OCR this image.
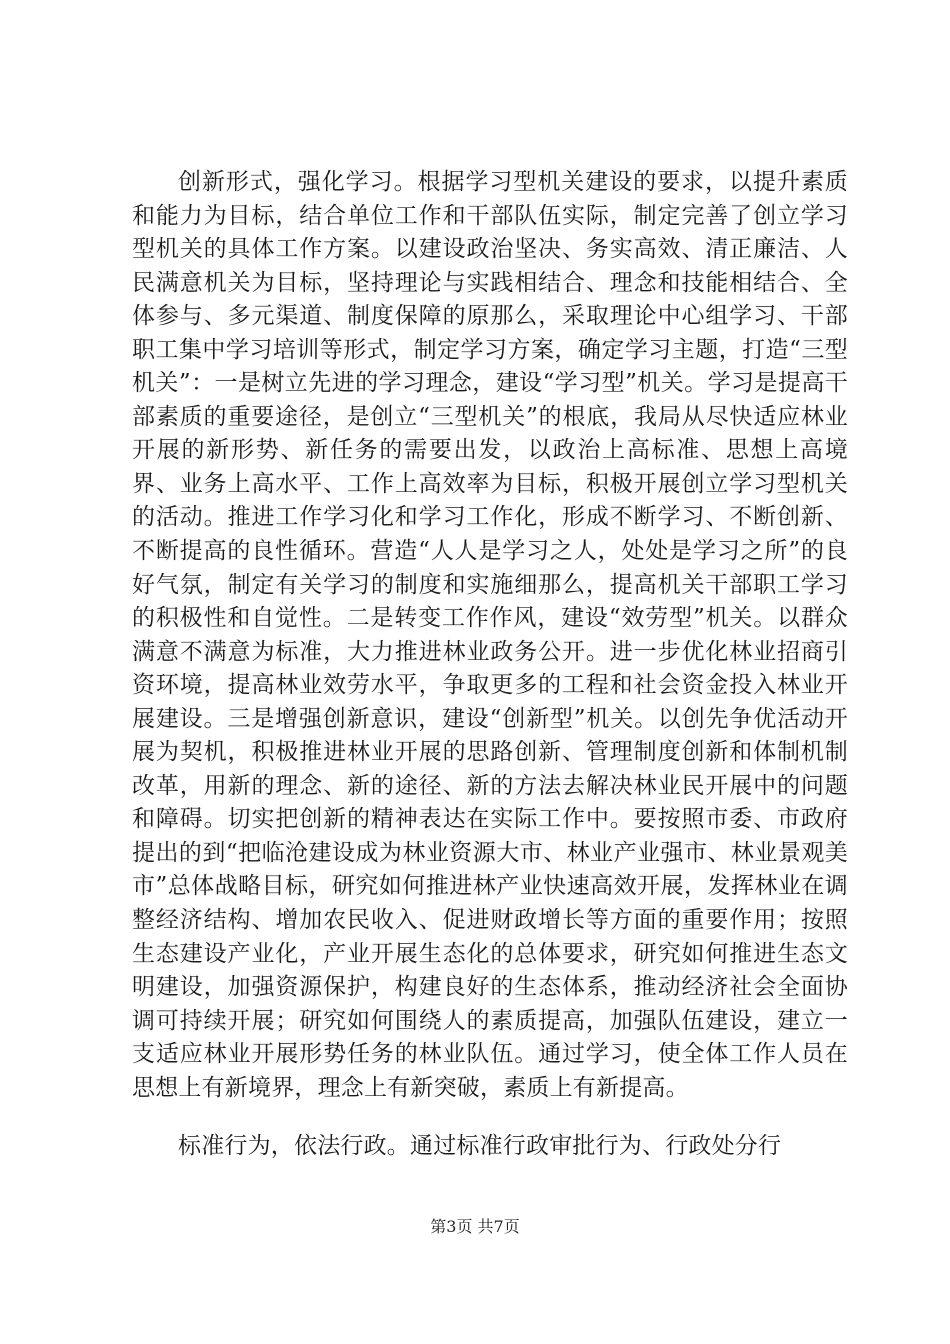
创新形式，强化学习。根据学习型机关建设的要求，以提升素质和能力为目标，结合单位工作和干部队伍实际，制定完善了创立学习型机关的具体工作方案。以建设政治坚决、务实高效、清正廉洁、人民满意机关为目标，坚持理论与实践相结合、理念和技能相结合、全体参与、多元渠道、制度保障的原那么，采取理论中心组学习、干部职工集中学习培训等形式，制定学习方案，确定学习主题，打造“三型机关”：一是树立先进的学习理念，建设“学习型”机关。学习是提高干部素质的重要途径，是创立“三型机关”的根底，我局从尽快适应林业开展的新形势、新任务的需要出发，以政治上高标准、思想上高境界、业务上高水平、工作上高效率为目标，积极开展创立学习型机关的活动。推进工作学习化和学习工作化，形成不断学习、不断创新、不断提高的良性循环。营造“人人是学习之人，处处是学习之所”的良好气氛，制定有关学习的制度和实施细那么，提高机关干部职工学习的积极性和自觉性。二是转变工作作风，建设“效劳型”机关。以群众满意不满意为标准，大力推进林业政务公开。进一步优化林业招商引资环境，提高林业效劳水平，争取更多的工程和社会资金投入林业开展建设。三是增强创新意识，建设“创新型”机关。以创先争优活动开展为契机，积极推进林业开展的思路创新、管理制度创新和体制机制改革，用新的理念、新的途径、新的方法去解决林业民开展中的问题和障碍。切实把创新的精神表达在实际工作中。要按照市委、市政府提出的到“把临沧建设成为林业资源大市、林业产业强市、林业景观美市”总体战略目标，研究如何推进林产业快速高效开展，发挥林业在调整经济结构、增加农民收入、促进财政增长等方面的重要作用；按照生态建设产业化，产业开展生态化的总体要求，研究如何推进生态文明建设，加强资源保护，构建良好的生态体系，推动经济社会全面协调可持续开展；研究如何围绕人的素质提高，加强队伍建设，建立一支适应林业开展形势任务的林业队伍。通过学习，使全体工作人员在思想上有新境界，理念上有新突破，素质上有新提高。

标准行为，依法行政。通过标准行政审批行为、行政处分行

第3页 共7页
